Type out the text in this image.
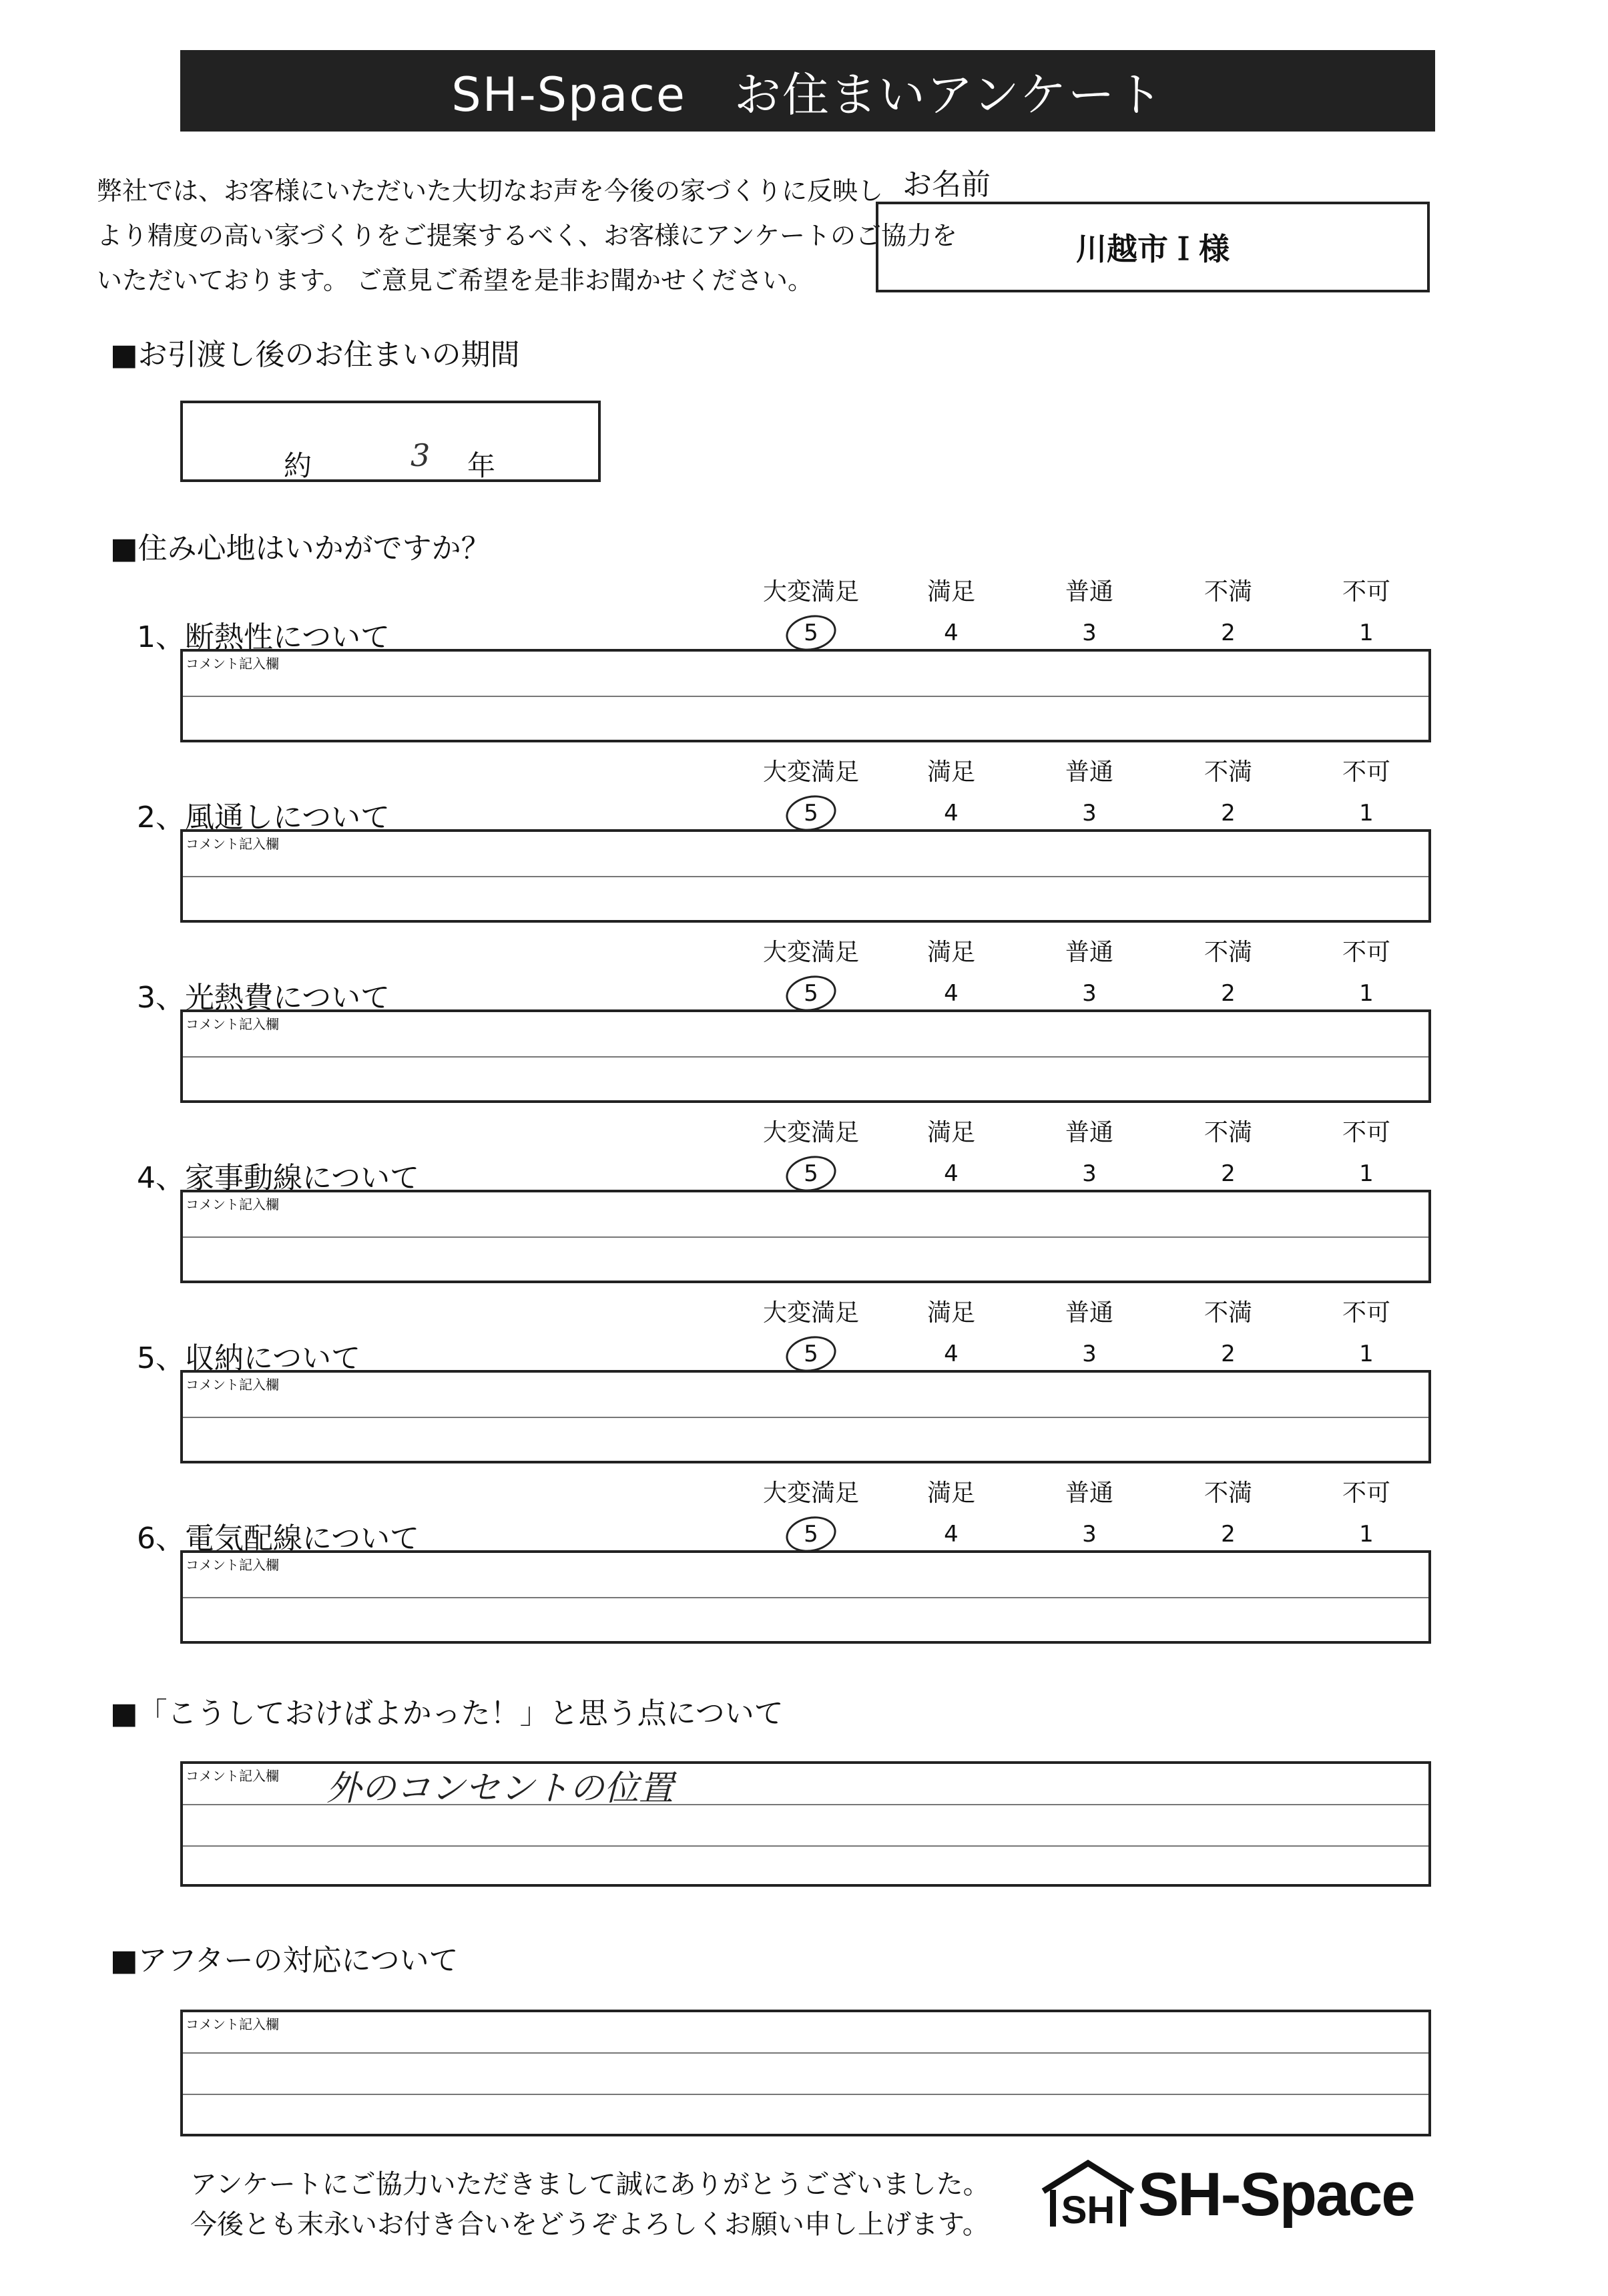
SH-Space　お住まいアンケート
弊社では、お客様にいただいた大切なお声を今後の家づくりに反映し
より精度の高い家づくりをご提案するべく、お客様にアンケートのご協力を
いただいております。 ご意見ご希望を是非お聞かせください。
お名前
川越市Ｉ様
■お引渡し後のお住まいの期間
約	3 年
■住み心地はいかがですか？
大変満足
5
満足
4
普通
3
不満
2
不可
1
1、断熱性について
コメント記入欄
大変満足
5
満足
4
普通
3
不満
2
不可
1
2、風通しについて
コメント記入欄
大変満足
5
満足
4
普通
3
不満
2
不可
1
3、光熱費について
コメント記入欄
大変満足
5
満足
4
普通
3
不満
2
不可
1
4、家事動線について
コメント記入欄
大変満足
5
満足
4
普通
3
不満
2
不可
1
5、収納について
コメント記入欄
大変満足
5
満足
4
普通
3
不満
2
不可
1
6、電気配線について
コメント記入欄
■「こうしておけばよかった！」と思う点について
コメント記入欄 外のコンセントの位置
■アフターの対応について
コメント記入欄
アンケートにご協力いただきまして誠にありがとうございました。
今後とも末永いお付き合いをどうぞよろしくお願い申し上げます。 SH SH-Space
